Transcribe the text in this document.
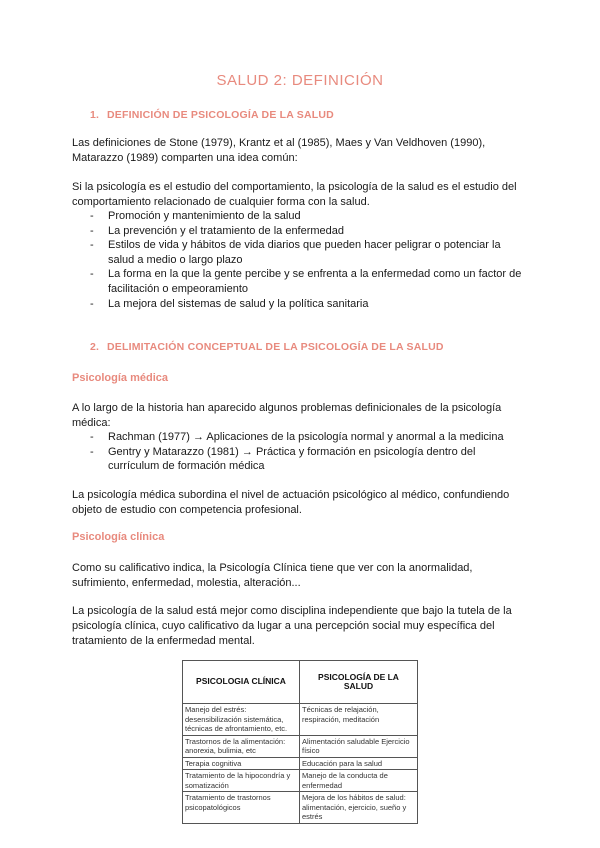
SALUD 2: DEFINICIÓN
1. DEFINICIÓN DE PSICOLOGÍA DE LA SALUD

Las definiciones de Stone (1979), Krantz et al (1985), Maes y Van Veldhoven (1990),
Matarazzo (1989) comparten una idea común:

Si la psicología es el estudio del comportamiento, la psicología de la salud es el estudio del
comportamiento relacionado de cualquier forma con la salud.

- Promoción y mantenimiento de la salud
- La prevención y el tratamiento de la enfermedad
- Estilos de vida y hábitos de vida diarios que pueden hacer peligrar o potenciar la salud a medio o largo plazo
- La forma en la que la gente percibe y se enfrenta a la enfermedad como un factor de facilitación o empeoramiento
- La mejora del sistemas de salud y la política sanitaria
2. DELIMITACIÓN CONCEPTUAL DE LA PSICOLOGÍA DE LA SALUD
Psicología médica

A lo largo de la historia han aparecido algunos problemas definicionales de la psicología
médica:

- Rachman (1977) → Aplicaciones de la psicología normal y anormal a la medicina
- Gentry y Matarazzo (1981) → Práctica y formación en psicología dentro del currículum de formación médica

La psicología médica subordina el nivel de actuación psicológico al médico, confundiendo
objeto de estudio con competencia profesional.

Psicología clínica

Como su calificativo indica, la Psicología Clínica tiene que ver con la anormalidad,
sufrimiento, enfermedad, molestia, alteración...

La psicología de la salud está mejor como disciplina independiente que bajo la tutela de la
psicología clínica, cuyo calificativo da lugar a una percepción social muy específica del
tratamiento de la enfermedad mental.

PSICOLOGIA CLÍNICA	PSICOLOGÍA DE LA SALUD
Manejo del estrés: desensibilización sistemática, técnicas de afrontamiento, etc.	Técnicas de relajación, respiración, meditación
Trastornos de la alimentación: anorexia, bulimia, etc	Alimentación saludable Ejercicio físico
Terapia cognitiva	Educación para la salud
Tratamiento de la hipocondría y somatización	Manejo de la conducta de enfermedad
Tratamiento de trastornos psicopatológicos	Mejora de los hábitos de salud: alimentación, ejercicio, sueño y estrés
